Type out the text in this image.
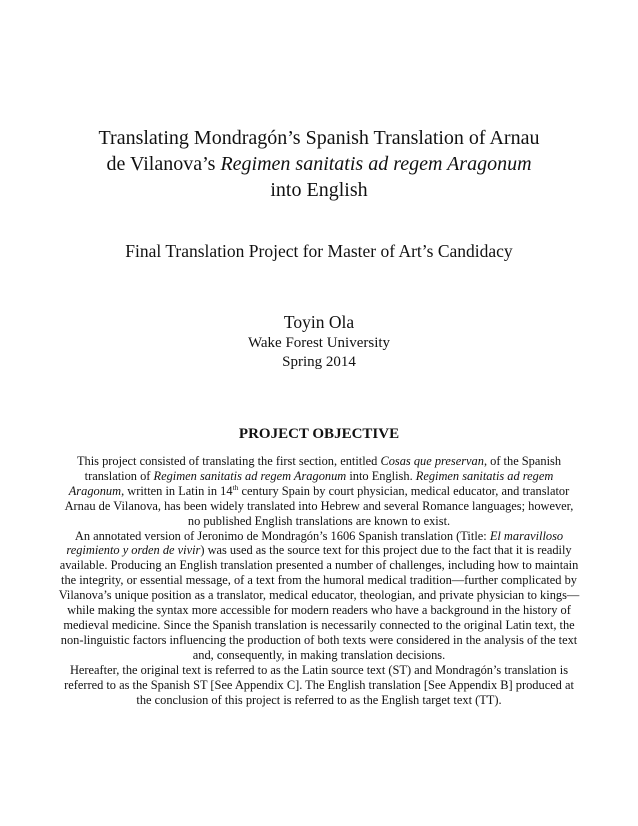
Translating Mondragón’s Spanish Translation of Arnau
de Vilanova’s Regimen sanitatis ad regem Aragonum
into English

Final Translation Project for Master of Art’s Candidacy

Toyin Ola
Wake Forest University
Spring 2014
PROJECT OBJECTIVE

This project consisted of translating the first section, entitled Cosas que preservan, of the Spanish translation of Regimen sanitatis ad regem Aragonum into English. Regimen sanitatis ad regem Aragonum, written in Latin in 14th century Spain by court physician, medical educator, and translator Arnau de Vilanova, has been widely translated into Hebrew and several Romance languages; however, no published English translations are known to exist.

An annotated version of Jeronimo de Mondragón’s 1606 Spanish translation (Title: El maravilloso regimiento y orden de vivir) was used as the source text for this project due to the fact that it is readily available. Producing an English translation presented a number of challenges, including how to maintain the integrity, or essential message, of a text from the humoral medical tradition—further complicated by Vilanova’s unique position as a translator, medical educator, theologian, and private physician to kings—while making the syntax more accessible for modern readers who have a background in the history of medieval medicine. Since the Spanish translation is necessarily connected to the original Latin text, the non-linguistic factors influencing the production of both texts were considered in the analysis of the text and, consequently, in making translation decisions.

Hereafter, the original text is referred to as the Latin source text (ST) and Mondragón’s translation is referred to as the Spanish ST [See Appendix C]. The English translation [See Appendix B] produced at the conclusion of this project is referred to as the English target text (TT).
